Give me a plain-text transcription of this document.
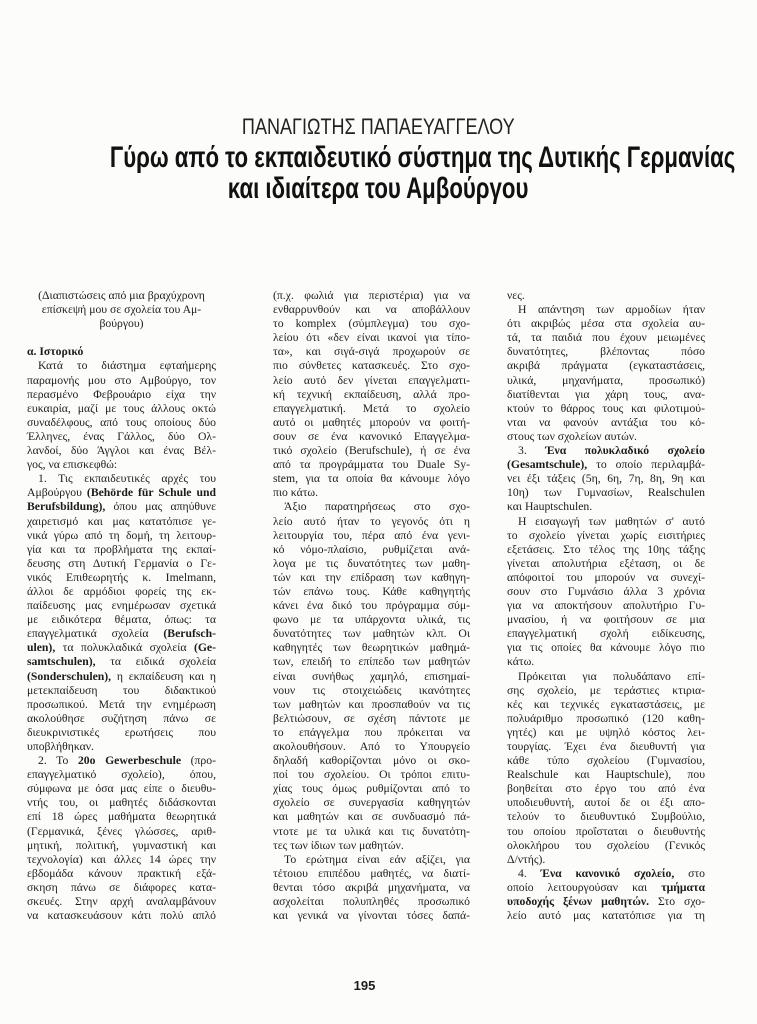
ΠΑΝΑΓΙΩΤΗΣ ΠΑΠΑΕΥΑΓΓΕΛΟΥ
Γύρω από το εκπαιδευτικό σύστημα της Δυτικής Γερμανίας
και ιδιαίτερα του Αμβούργου
(Διαπιστώσεις από μια βραχύχρονη
επίσκεψή μου σε σχολεία του Αμ-
βούργου)
α. Ιστορικό
Κατά το διάστημα εφταήμερης
παραμονής μου στο Αμβούργο, τον
περασμένο Φεβρουάριο είχα την
ευκαιρία, μαζί με τους άλλους οκτώ
συναδέλφους, από τους οποίους δύο
Έλληνες, ένας Γάλλος, δύο Ολ-
λανδοί, δύο Άγγλοι και ένας Βέλ-
γος, να επισκεφθώ:
1. Τις εκπαιδευτικές αρχές του
Αμβούργου (Behörde für Schule und
Berufsbildung), όπου μας απηύθυνε
χαιρετισμό και μας κατατόπισε γε-
νικά γύρω από τη δομή, τη λειτουρ-
γία και τα προβλήματα της εκπαί-
δευσης στη Δυτική Γερμανία ο Γε-
νικός Επιθεωρητής κ. Imelmann,
άλλοι δε αρμόδιοι φορείς της εκ-
παίδευσης μας ενημέρωσαν σχετικά
με ειδικότερα θέματα, όπως: τα
επαγγελματικά σχολεία (Berufsch-
ulen), τα πολυκλαδικά σχολεία (Ge-
samtschulen), τα ειδικά σχολεία
(Sonderschulen), η εκπαίδευση και η
μετεκπαίδευση του διδακτικού
προσωπικού. Μετά την ενημέρωση
ακολούθησε συζήτηση πάνω σε
διευκρινιστικές ερωτήσεις που
υποβλήθηκαν.
2. Το 20ο Gewerbeschule (προ-
επαγγελματικό σχολείο), όπου,
σύμφωνα με όσα μας είπε ο διευθυ-
ντής του, οι μαθητές διδάσκονται
επί 18 ώρες μαθήματα θεωρητικά
(Γερμανικά, ξένες γλώσσες, αριθ-
μητική, πολιτική, γυμναστική και
τεχνολογία) και άλλες 14 ώρες την
εβδομάδα κάνουν πρακτική εξά-
σκηση πάνω σε διάφορες κατα-
σκευές. Στην αρχή αναλαμβάνουν
να κατασκευάσουν κάτι πολύ απλό
(π.χ. φωλιά για περιστέρια) για να
ενθαρρυνθούν και να αποβάλλουν
το komplex (σύμπλεγμα) του σχο-
λείου ότι «δεν είναι ικανοί για τίπο-
τα», και σιγά-σιγά προχωρούν σε
πιο σύνθετες κατασκευές. Στο σχο-
λείο αυτό δεν γίνεται επαγγελματι-
κή τεχνική εκπαίδευση, αλλά προ-
επαγγελματική. Μετά το σχολείο
αυτό οι μαθητές μπορούν να φοιτή-
σουν σε ένα κανονικό Επαγγελμα-
τικό σχολείο (Berufschule), ή σε ένα
από τα προγράμματα του Duale Sy-
stem, για τα οποία θα κάνουμε λόγο
πιο κάτω.
Άξιο παρατηρήσεως στο σχο-
λείο αυτό ήταν το γεγονός ότι η
λειτουργία του, πέρα από ένα γενι-
κό νόμο-πλαίσιο, ρυθμίζεται ανά-
λογα με τις δυνατότητες των μαθη-
τών και την επίδραση των καθηγη-
τών επάνω τους. Κάθε καθηγητής
κάνει ένα δικό του πρόγραμμα σύμ-
φωνο με τα υπάρχοντα υλικά, τις
δυνατότητες των μαθητών κλπ. Οι
καθηγητές των θεωρητικών μαθημά-
των, επειδή το επίπεδο των μαθητών
είναι συνήθως χαμηλό, επισημαί-
νουν τις στοιχειώδεις ικανότητες
των μαθητών και προσπαθούν να τις
βελτιώσουν, σε σχέση πάντοτε με
το επάγγελμα που πρόκειται να
ακολουθήσουν. Από το Υπουργείο
δηλαδή καθορίζονται μόνο οι σκο-
ποί του σχολείου. Οι τρόποι επιτυ-
χίας τους όμως ρυθμίζονται από το
σχολείο σε συνεργασία καθηγητών
και μαθητών και σε συνδυασμό πά-
ντοτε με τα υλικά και τις δυνατότη-
τες των ίδιων των μαθητών.
Το ερώτημα είναι εάν αξίζει, για
τέτοιου επιπέδου μαθητές, να διατί-
θενται τόσο ακριβά μηχανήματα, να
ασχολείται πολυπληθές προσωπικό
και γενικά να γίνονται τόσες δαπά-
νες.
Η απάντηση των αρμοδίων ήταν
ότι ακριβώς μέσα στα σχολεία αυ-
τά, τα παιδιά που έχουν μειωμένες
δυνατότητες, βλέποντας πόσο
ακριβά πράγματα (εγκαταστάσεις,
υλικά, μηχανήματα, προσωπικό)
διατίθενται για χάρη τους, ανα-
κτούν το θάρρος τους και φιλοτιμού-
νται να φανούν αντάξια του κό-
στους των σχολείων αυτών.
3. Ένα πολυκλαδικό σχολείο
(Gesamtschule), το οποίο περιλαμβά-
νει έξι τάξεις (5η, 6η, 7η, 8η, 9η και
10η) των Γυμνασίων, Realschulen
και Hauptschulen.
Η εισαγωγή των μαθητών σ' αυτό
το σχολείο γίνεται χωρίς εισιτήριες
εξετάσεις. Στο τέλος της 10ης τάξης
γίνεται απολυτήρια εξέταση, οι δε
απόφοιτοί του μπορούν να συνεχί-
σουν στο Γυμνάσιο άλλα 3 χρόνια
για να αποκτήσουν απολυτήριο Γυ-
μνασίου, ή να φοιτήσουν σε μια
επαγγελματική σχολή ειδίκευσης,
για τις οποίες θα κάνουμε λόγο πιο
κάτω.
Πρόκειται για πολυδάπανο επί-
σης σχολείο, με τεράστιες κτιρια-
κές και τεχνικές εγκαταστάσεις, με
πολυάριθμο προσωπικό (120 καθη-
γητές) και με υψηλό κόστος λει-
τουργίας. Έχει ένα διευθυντή για
κάθε τύπο σχολείου (Γυμνασίου,
Realschule και Hauptschule), που
βοηθείται στο έργο του από ένα
υποδιευθυντή, αυτοί δε οι έξι απο-
τελούν το διευθυντικό Συμβούλιο,
του οποίου προΐσταται ο διευθυντής
ολοκλήρου του σχολείου (Γενικός
Δ/ντής).
4. Ένα κανονικό σχολείο, στο
οποίο λειτουργούσαν και τμήματα
υποδοχής ξένων μαθητών. Στο σχο-
λείο αυτό μας κατατόπισε για τη
195
